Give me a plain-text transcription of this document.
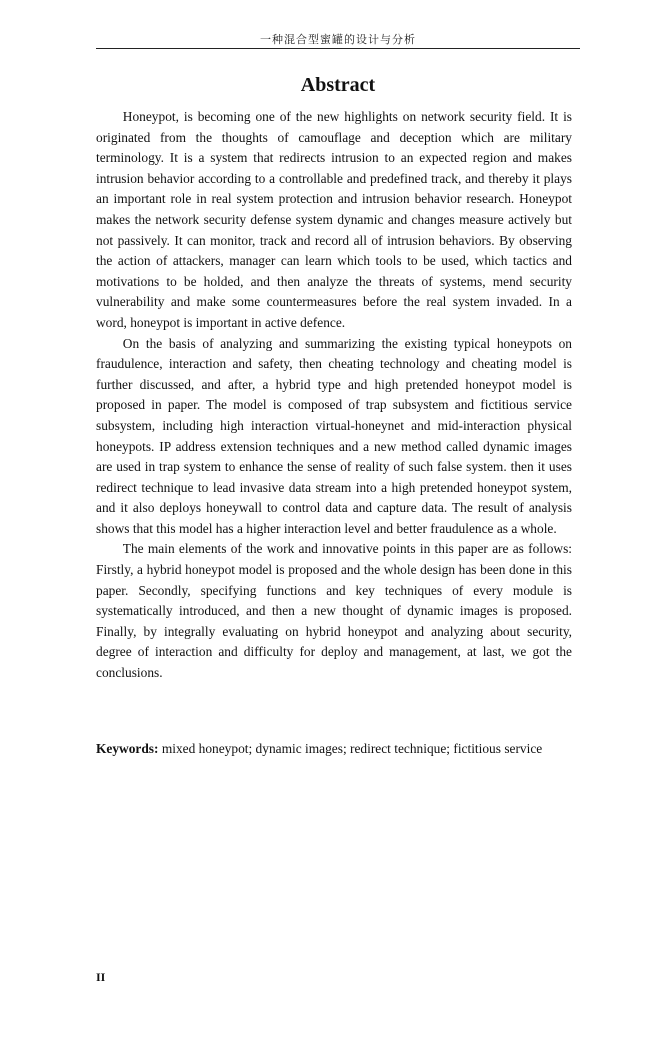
一种混合型蜜罐的设计与分析
Abstract

Honeypot, is becoming one of the new highlights on network security field. It is originated from the thoughts of camouflage and deception which are military terminology. It is a system that redirects intrusion to an expected region and makes intrusion behavior according to a controllable and predefined track, and thereby it plays an important role in real system protection and intrusion behavior research. Honeypot makes the network security defense system dynamic and changes measure actively but not passively. It can monitor, track and record all of intrusion behaviors. By observing the action of attackers, manager can learn which tools to be used, which tactics and motivations to be holded, and then analyze the threats of systems, mend security vulnerability and make some countermeasures before the real system invaded. In a word, honeypot is important in active defence.

On the basis of analyzing and summarizing the existing typical honeypots on fraudulence, interaction and safety, then cheating technology and cheating model is further discussed, and after, a hybrid type and high pretended honeypot model is proposed in paper. The model is composed of trap subsystem and fictitious service subsystem, including high interaction virtual-honeynet and mid-interaction physical honeypots. IP address extension techniques and a new method called dynamic images are used in trap system to enhance the sense of reality of such false system. then it uses redirect technique to lead invasive data stream into a high pretended honeypot system, and it also deploys honeywall to control data and capture data. The result of analysis shows that this model has a higher interaction level and better fraudulence as a whole.

The main elements of the work and innovative points in this paper are as follows: Firstly, a hybrid honeypot model is proposed and the whole design has been done in this paper. Secondly, specifying functions and key techniques of every module is systematically introduced, and then a new thought of dynamic images is proposed. Finally, by integrally evaluating on hybrid honeypot and analyzing about security, degree of interaction and difficulty for deploy and management, at last, we got the conclusions.

Keywords: mixed honeypot; dynamic images; redirect technique; fictitious service
II
